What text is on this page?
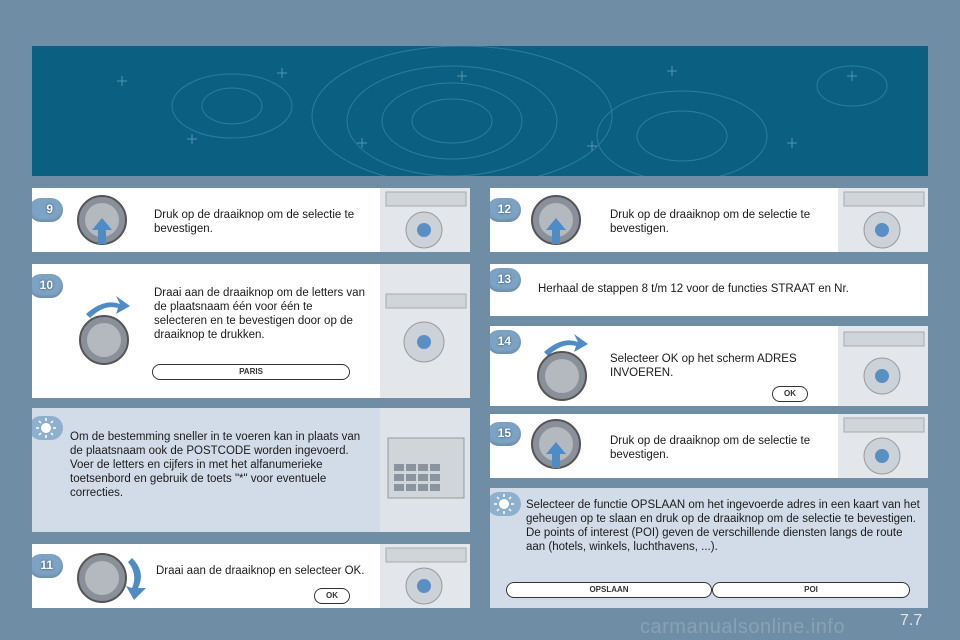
9	Druk op de draaiknop om de selectie te bevestigen.
10
Draai aan de draaiknop om de letters van de plaatsnaam één voor één te selecteren en te bevestigen door op de draaiknop te drukken.
PARIS
Om de bestemming sneller in te voeren kan in plaats van de plaatsnaam ook de POSTCODE worden ingevoerd.
Voer de letters en cijfers in met het alfanumerieke toetsenbord en gebruik de toets "*" voor eventuele correcties.
11	Draai aan de draaiknop en selecteer OK.
OK
12	Druk op de draaiknop om de selectie te bevestigen.
13
Herhaal de stappen 8 t/m 12 voor de functies STRAAT en Nr.
14
Selecteer OK op het scherm ADRES INVOEREN.
OK
15
Druk op de draaiknop om de selectie te bevestigen.
Selecteer de functie OPSLAAN om het ingevoerde adres in een kaart van het geheugen op te slaan en druk op de draaiknop om de selectie te bevestigen.
De points of interest (POI) geven de verschillende diensten langs de route aan (hotels, winkels, luchthavens, ...).
OPSLAAN	POI
carmanualsonline.info	7.7
